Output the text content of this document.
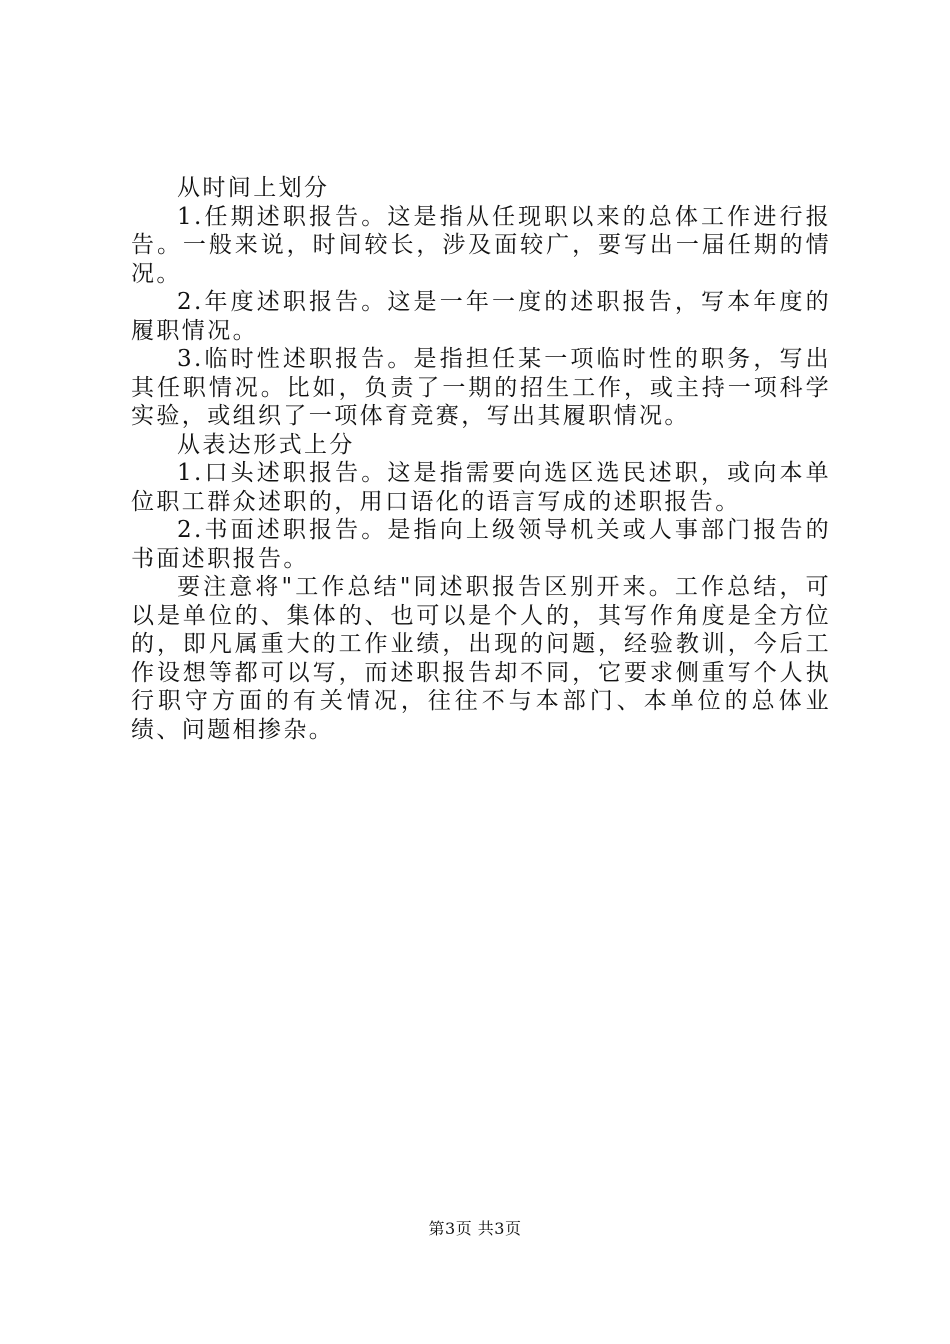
从时间上划分

1.任期述职报告。这是指从任现职以来的总体工作进行报告。一般来说，时间较长，涉及面较广，要写出一届任期的情况。

2.年度述职报告。这是一年一度的述职报告，写本年度的履职情况。

3.临时性述职报告。是指担任某一项临时性的职务，写出其任职情况。比如，负责了一期的招生工作，或主持一项科学实验，或组织了一项体育竞赛，写出其履职情况。

从表达形式上分

1.口头述职报告。这是指需要向选区选民述职，或向本单位职工群众述职的，用口语化的语言写成的述职报告。

2.书面述职报告。是指向上级领导机关或人事部门报告的书面述职报告。

要注意将"工作总结"同述职报告区别开来。工作总结，可以是单位的、集体的、也可以是个人的，其写作角度是全方位的，即凡属重大的工作业绩，出现的问题，经验教训，今后工作设想等都可以写，而述职报告却不同，它要求侧重写个人执行职守方面的有关情况，往往不与本部门、本单位的总体业绩、问题相掺杂。

第3页 共3页
